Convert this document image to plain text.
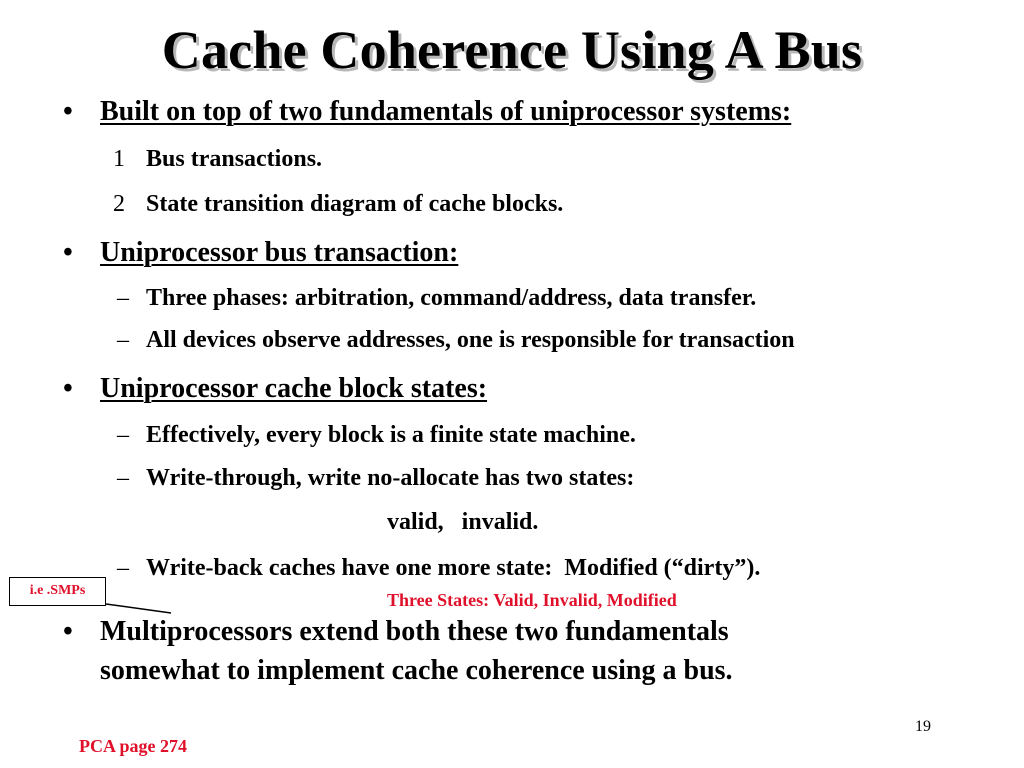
Cache Coherence Using A Bus
• Built on top of two fundamentals of uniprocessor systems:
1 Bus transactions.
2 State transition diagram of cache blocks.
• Uniprocessor bus transaction:
– Three phases: arbitration, command/address, data transfer.
– All devices observe addresses, one is responsible for transaction
• Uniprocessor cache block states:
– Effectively, every block is a finite state machine.
– Write-through, write no-allocate has two states:
valid,   invalid.
– Write-back caches have one more state:  Modified (“dirty”).
Three States: Valid, Invalid, Modified
i.e .SMPs
• Multiprocessors extend both these two fundamentals
somewhat to implement cache coherence using a bus.
19
PCA page 274
